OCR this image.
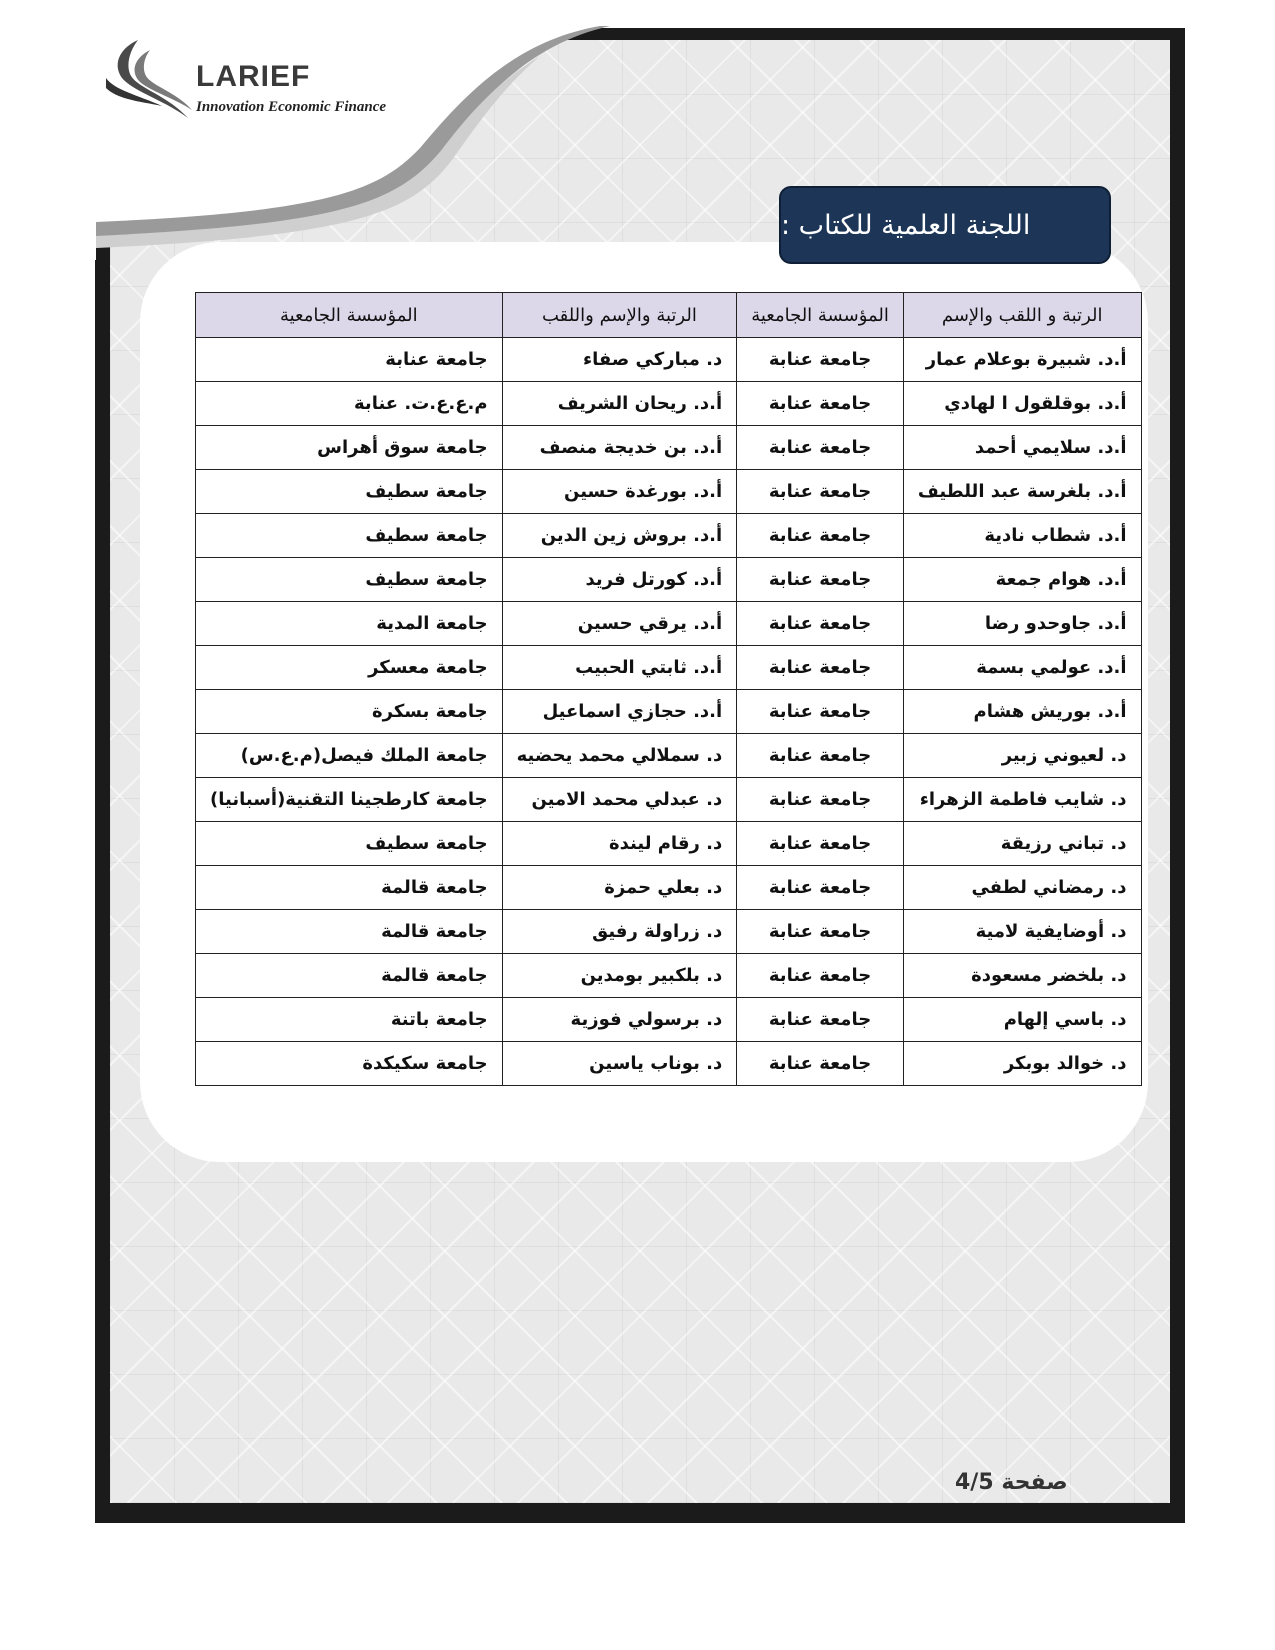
LARIEF
Innovation Economic Finance
اللجنة العلمية للكتاب :
الرتبة و اللقب والإسم	المؤسسة الجامعية	الرتبة والإسم واللقب	المؤسسة الجامعية
أ.د. شبيرة بوعلام عمار	جامعة عنابة	د. مباركي صفاء	جامعة عنابة
أ.د. بوقلقول ا لهادي	جامعة عنابة	أ.د. ريحان الشريف	م.ع.ع.ت. عنابة
أ.د. سلايمي أحمد	جامعة عنابة	أ.د. بن خديجة منصف	جامعة سوق أهراس
أ.د. بلغرسة عبد اللطيف	جامعة عنابة	أ.د. بورغدة حسين	جامعة سطيف
أ.د. شطاب نادية	جامعة عنابة	أ.د. بروش زين الدين	جامعة سطيف
أ.د. هوام جمعة	جامعة عنابة	أ.د. كورتل فريد	جامعة سطيف
أ.د. جاوحدو رضا	جامعة عنابة	أ.د. يرقي حسين	جامعة المدية
أ.د. عولمي بسمة	جامعة عنابة	أ.د. ثابتي الحبيب	جامعة معسكر
أ.د. بوريش هشام	جامعة عنابة	أ.د. حجازي اسماعيل	جامعة بسكرة
د. لعيوني زبير	جامعة عنابة	د. سملالي محمد يحضيه	جامعة الملك فيصل(م.ع.س)
د. شايب فاطمة الزهراء	جامعة عنابة	د. عبدلي محمد الامين	جامعة كارطجينا التقنية(أسبانيا)
د. تباني رزيقة	جامعة عنابة	د. رقام ليندة	جامعة سطيف
د. رمضاني لطفي	جامعة عنابة	د. بعلي حمزة	جامعة قالمة
د. أوضايفية لامية	جامعة عنابة	د. زراولة رفيق	جامعة قالمة
د. بلخضر مسعودة	جامعة عنابة	د. بلكبير بومدين	جامعة قالمة
د. باسي إلهام	جامعة عنابة	د. برسولي فوزية	جامعة باتنة
د. خوالد بوبكر	جامعة عنابة	د. بوناب ياسين	جامعة سكيكدة
صفحة 4/5
